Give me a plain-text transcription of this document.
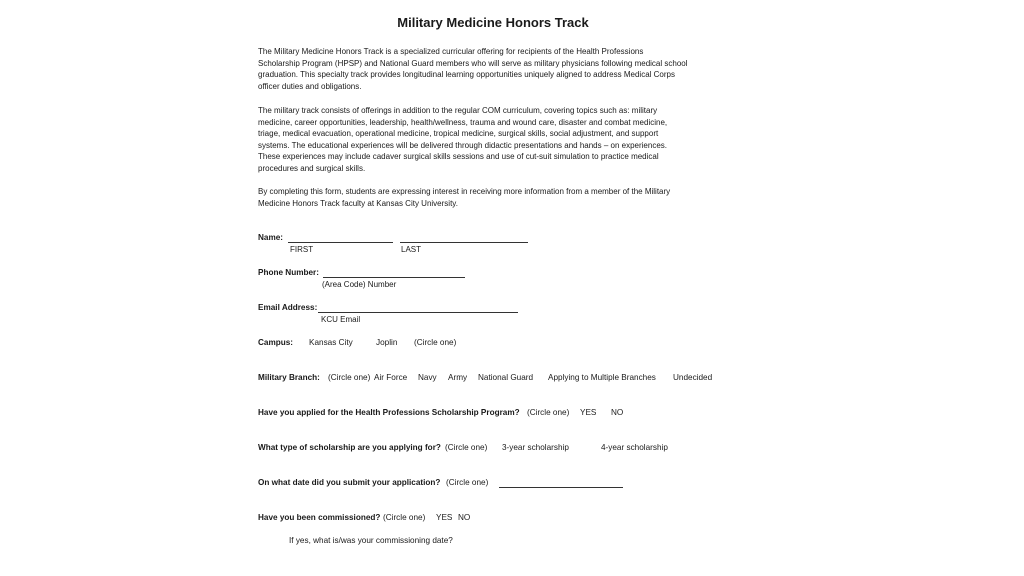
Military Medicine Honors Track
The Military Medicine Honors Track is a specialized curricular offering for recipients of the Health Professions
Scholarship Program (HPSP) and National Guard members who will serve as military physicians following medical school
graduation. This specialty track provides longitudinal learning opportunities uniquely aligned to address Medical Corps
officer duties and obligations.
The military track consists of offerings in addition to the regular COM curriculum, covering topics such as: military
medicine, career opportunities, leadership, health/wellness, trauma and wound care, disaster and combat medicine,
triage, medical evacuation, operational medicine, tropical medicine, surgical skills, social adjustment, and support
systems. The educational experiences will be delivered through didactic presentations and hands – on experiences.
These experiences may include cadaver surgical skills sessions and use of cut-suit simulation to practice medical
procedures and surgical skills.
By completing this form, students are expressing interest in receiving more information from a member of the Military
Medicine Honors Track faculty at Kansas City University.
Name:
FIRST	LAST
Phone Number:
(Area Code) Number
Email Address:
KCU Email
Campus: Kansas City	Joplin (Circle one)
Military Branch: (Circle one) Air Force Navy Army National Guard Applying to Multiple Branches Undecided
Have you applied for the Health Professions Scholarship Program? (Circle one) YES NO
What type of scholarship are you applying for? (Circle one) 3-year scholarship	4-year scholarship
On what date did you submit your application? (Circle one)
Have you been commissioned? (Circle one) YES NO
If yes, what is/was your commissioning date?
